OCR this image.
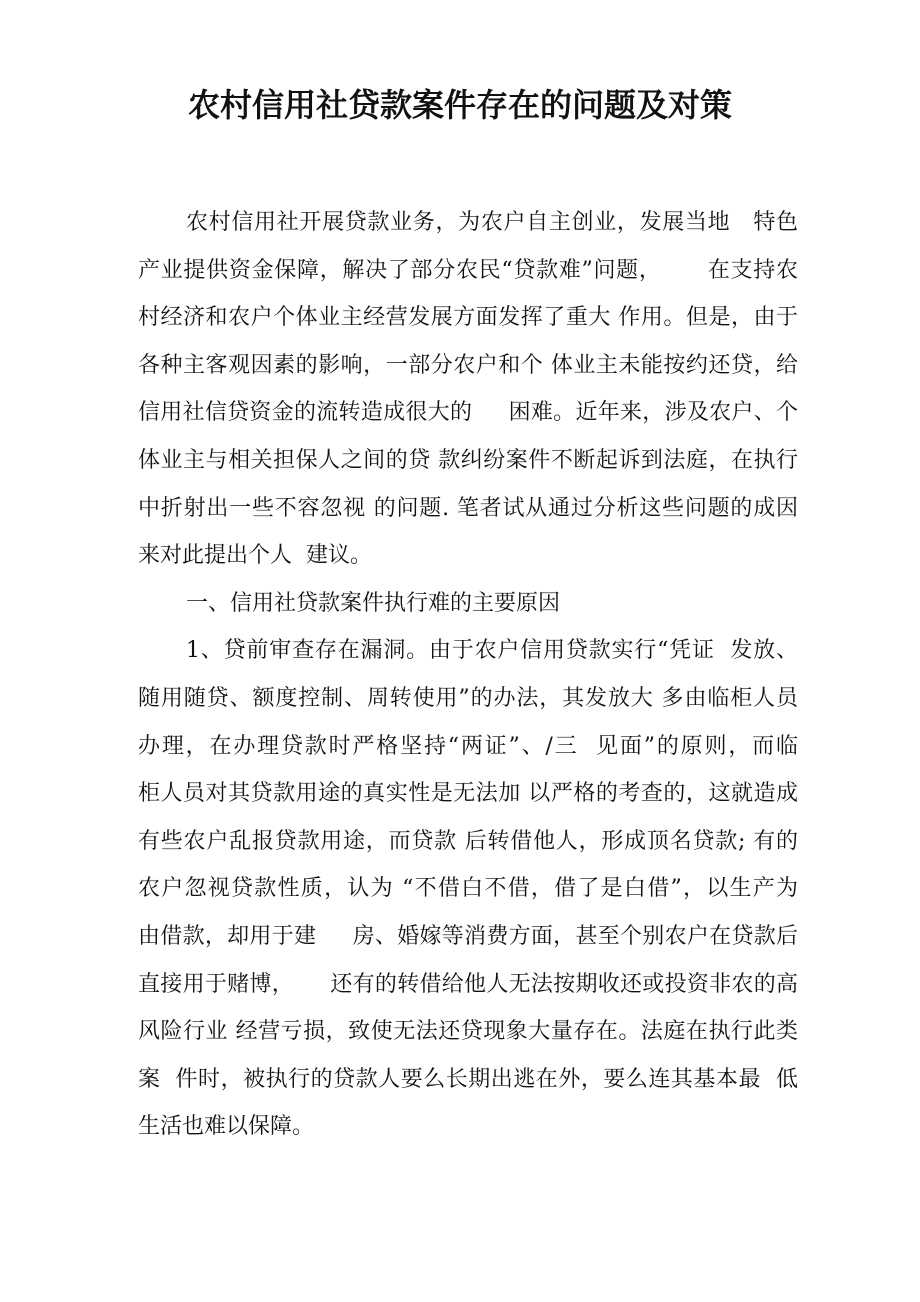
农村信用社贷款案件存在的问题及对策
农村信用社开展贷款业务，为农户自主创业，发展当地   特色
产业提供资金保障，解决了部分农民“贷款难”问题，      在支持农
村经济和农户个体业主经营发展方面发挥了重大 作用。但是，由于
各种主客观因素的影响，一部分农户和个 体业主未能按约还贷，给
信用社信贷资金的流转造成很大的     困难。近年来，涉及农户、个
体业主与相关担保人之间的贷 款纠纷案件不断起诉到法庭，在执行
中折射出一些不容忽视 的问题. 笔者试从通过分析这些问题的成因
来对此提出个人  建议。
一、信用社贷款案件执行难的主要原因
1、贷前审查存在漏洞。由于农户信用贷款实行“凭证  发放、
随用随贷、额度控制、周转使用”的办法，其发放大 多由临柜人员
办理，在办理贷款时严格坚持“两证”、/三  见面”的原则，而临
柜人员对其贷款用途的真实性是无法加 以严格的考查的，这就造成
有些农户乱报贷款用途，而贷款 后转借他人，形成顶名贷款; 有的
农户忽视贷款性质，认为 “不借白不借，借了是白借”，以生产为
由借款，却用于建     房、婚嫁等消费方面，甚至个别农户在贷款后
直接用于赌博，     还有的转借给他人无法按期收还或投资非农的高
风险行业 经营亏损，致使无法还贷现象大量存在。法庭在执行此类
案  件时，被执行的贷款人要么长期出逃在外，要么连其基本最  低
生活也难以保障。
